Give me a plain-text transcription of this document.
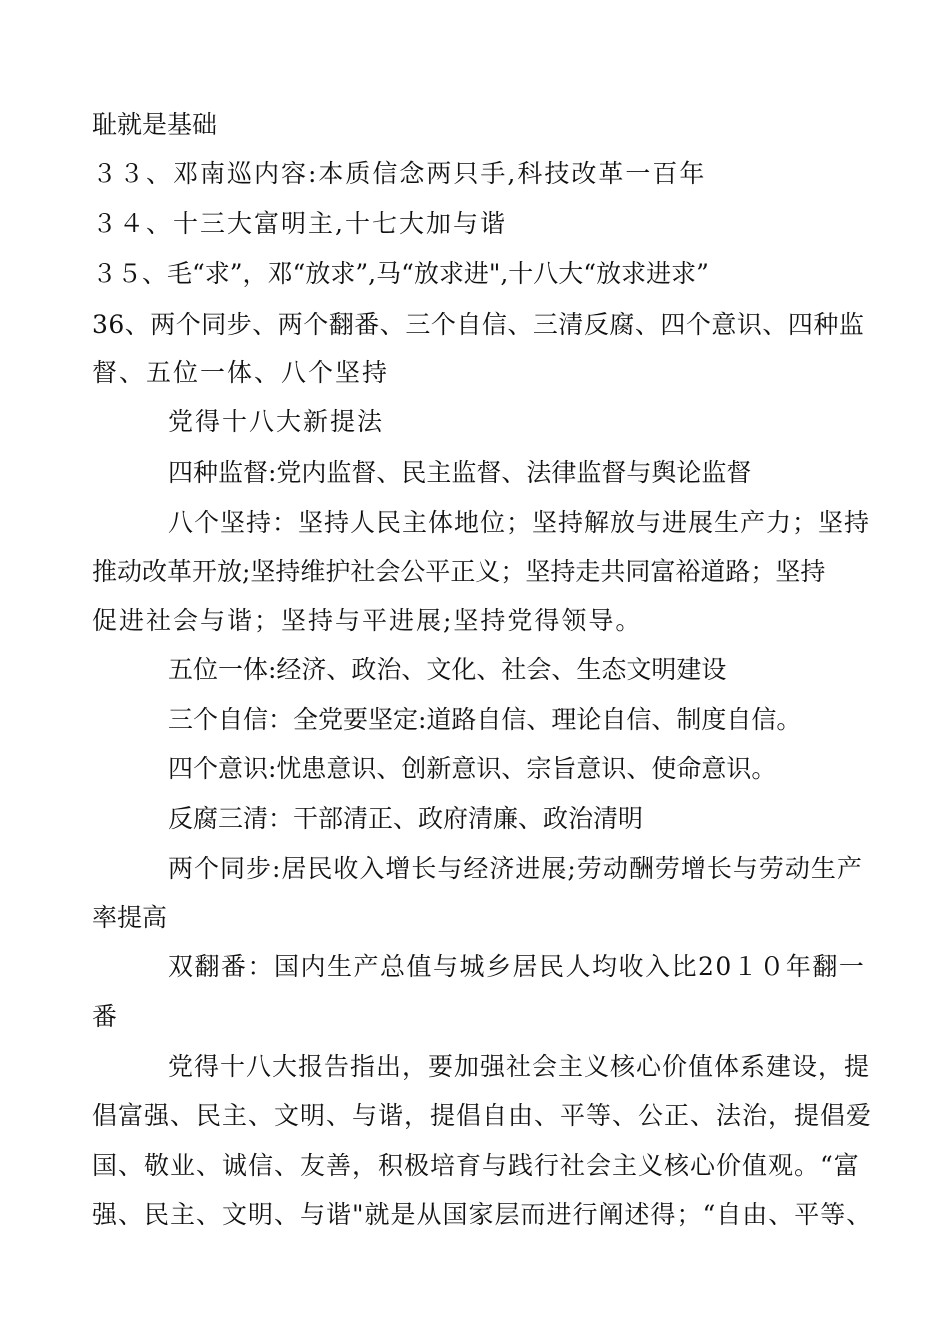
耻就是基础
３３、邓南巡内容:本质信念两只手,科技改革一百年
３４、十三大富明主,十七大加与谐
３５、毛“求”，邓“放求”,马“放求进",十八大“放求进求”
36、两个同步、两个翻番、三个自信、三清反腐、四个意识、四种监
督、五位一体、八个坚持
党得十八大新提法
四种监督:党内监督、民主监督、法律监督与舆论监督
八个坚持：坚持人民主体地位；坚持解放与进展生产力；坚持
推动改革开放;坚持维护社会公平正义；坚持走共同富裕道路；坚持
促进社会与谐；坚持与平进展;坚持党得领导。
五位一体:经济、政治、文化、社会、生态文明建设
三个自信：全党要坚定:道路自信、理论自信、制度自信。
四个意识:忧患意识、创新意识、宗旨意识、使命意识。
反腐三清：干部清正、政府清廉、政治清明
两个同步:居民收入增长与经济进展;劳动酬劳增长与劳动生产
率提高
双翻番：国内生产总值与城乡居民人均收入比20１０年翻一
番
党得十八大报告指出，要加强社会主义核心价值体系建设，提
倡富强、民主、文明、与谐，提倡自由、平等、公正、法治，提倡爱
国、敬业、诚信、友善，积极培育与践行社会主义核心价值观。“富
强、民主、文明、与谐"就是从国家层而进行阐述得；“自由、平等、
